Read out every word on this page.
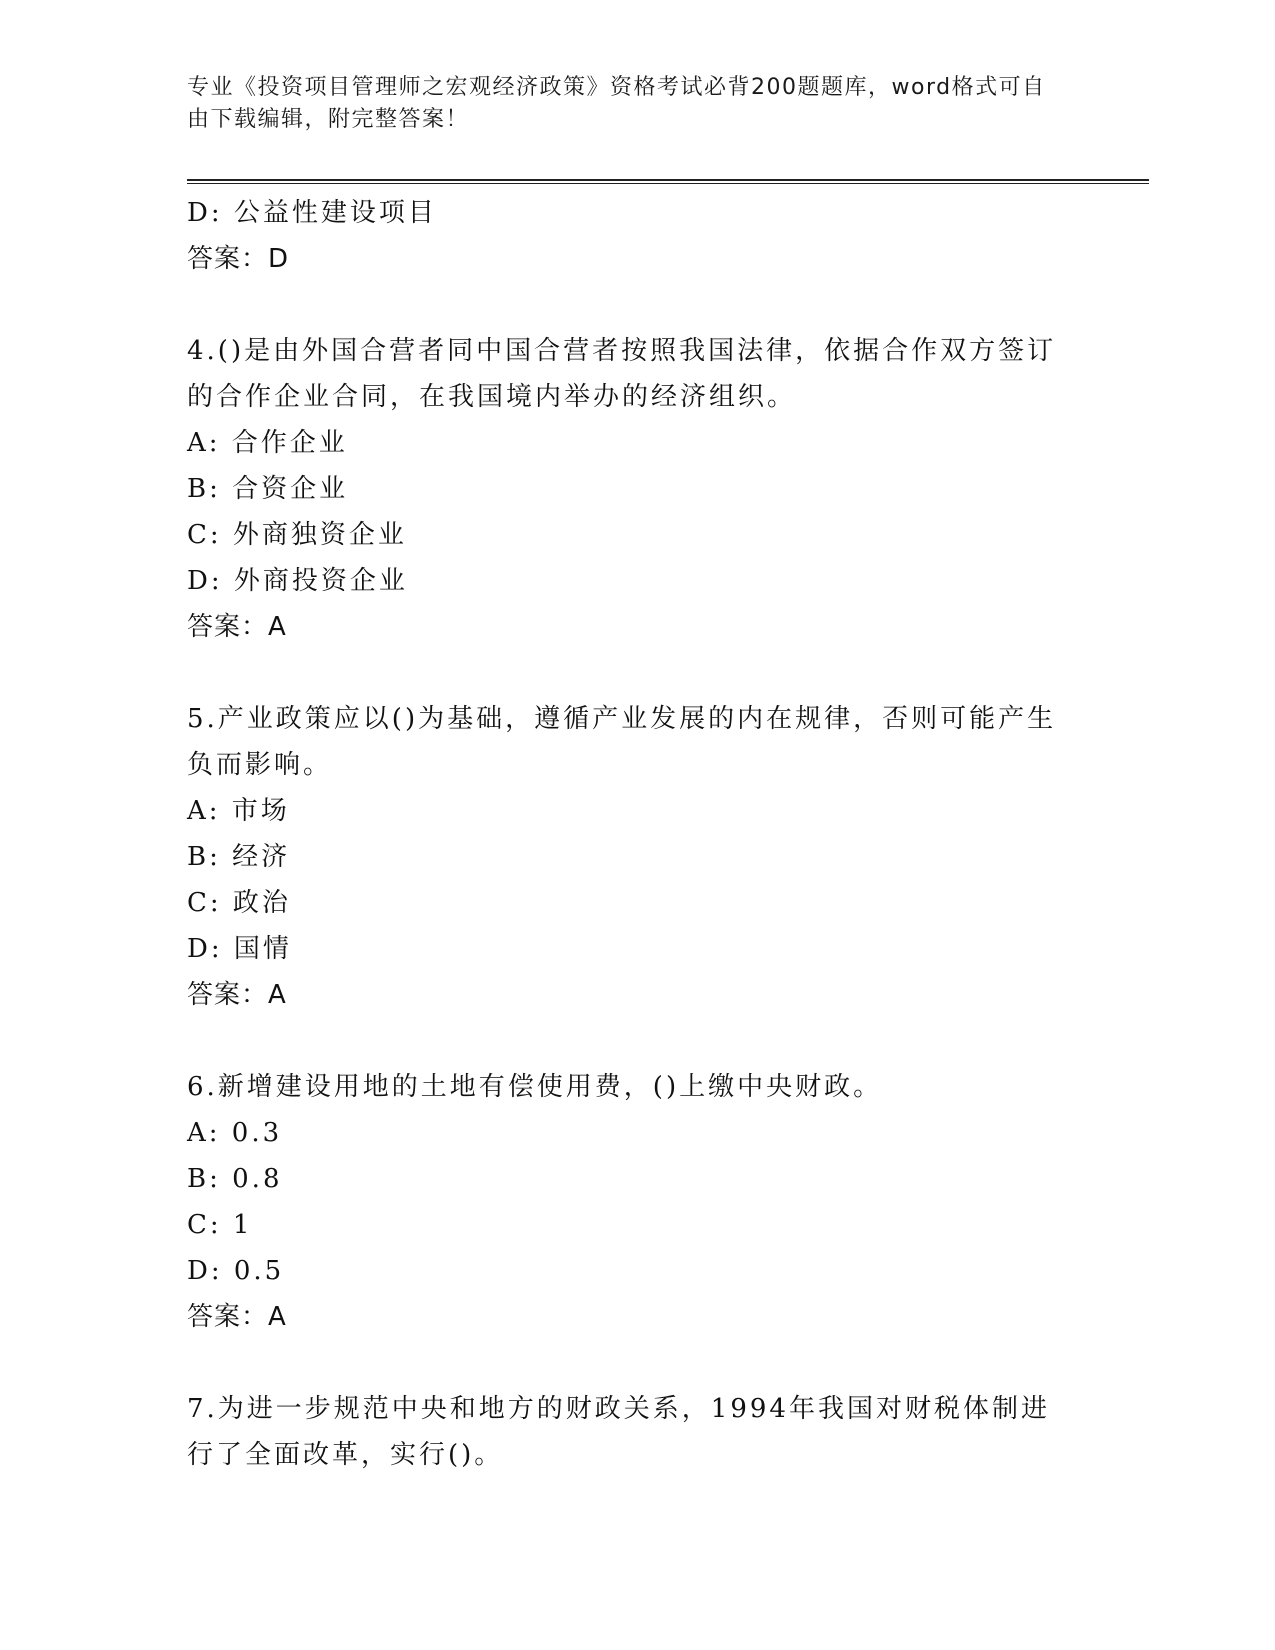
专业《投资项目管理师之宏观经济政策》资格考试必背200题题库，word格式可自由下载编辑，附完整答案！
D: 公益性建设项目
答案：D
4.()是由外国合营者同中国合营者按照我国法律，依据合作双方签订的合作企业合同，在我国境内举办的经济组织。
A: 合作企业
B: 合资企业
C: 外商独资企业
D: 外商投资企业
答案：A
5.产业政策应以()为基础，遵循产业发展的内在规律，否则可能产生负而影响。
A: 市场
B: 经济
C: 政治
D: 国情
答案：A
6.新增建设用地的土地有偿使用费，()上缴中央财政。
A: 0.3
B: 0.8
C: 1
D: 0.5
答案：A
7.为进一步规范中央和地方的财政关系，1994年我国对财税体制进行了全面改革，实行()。
